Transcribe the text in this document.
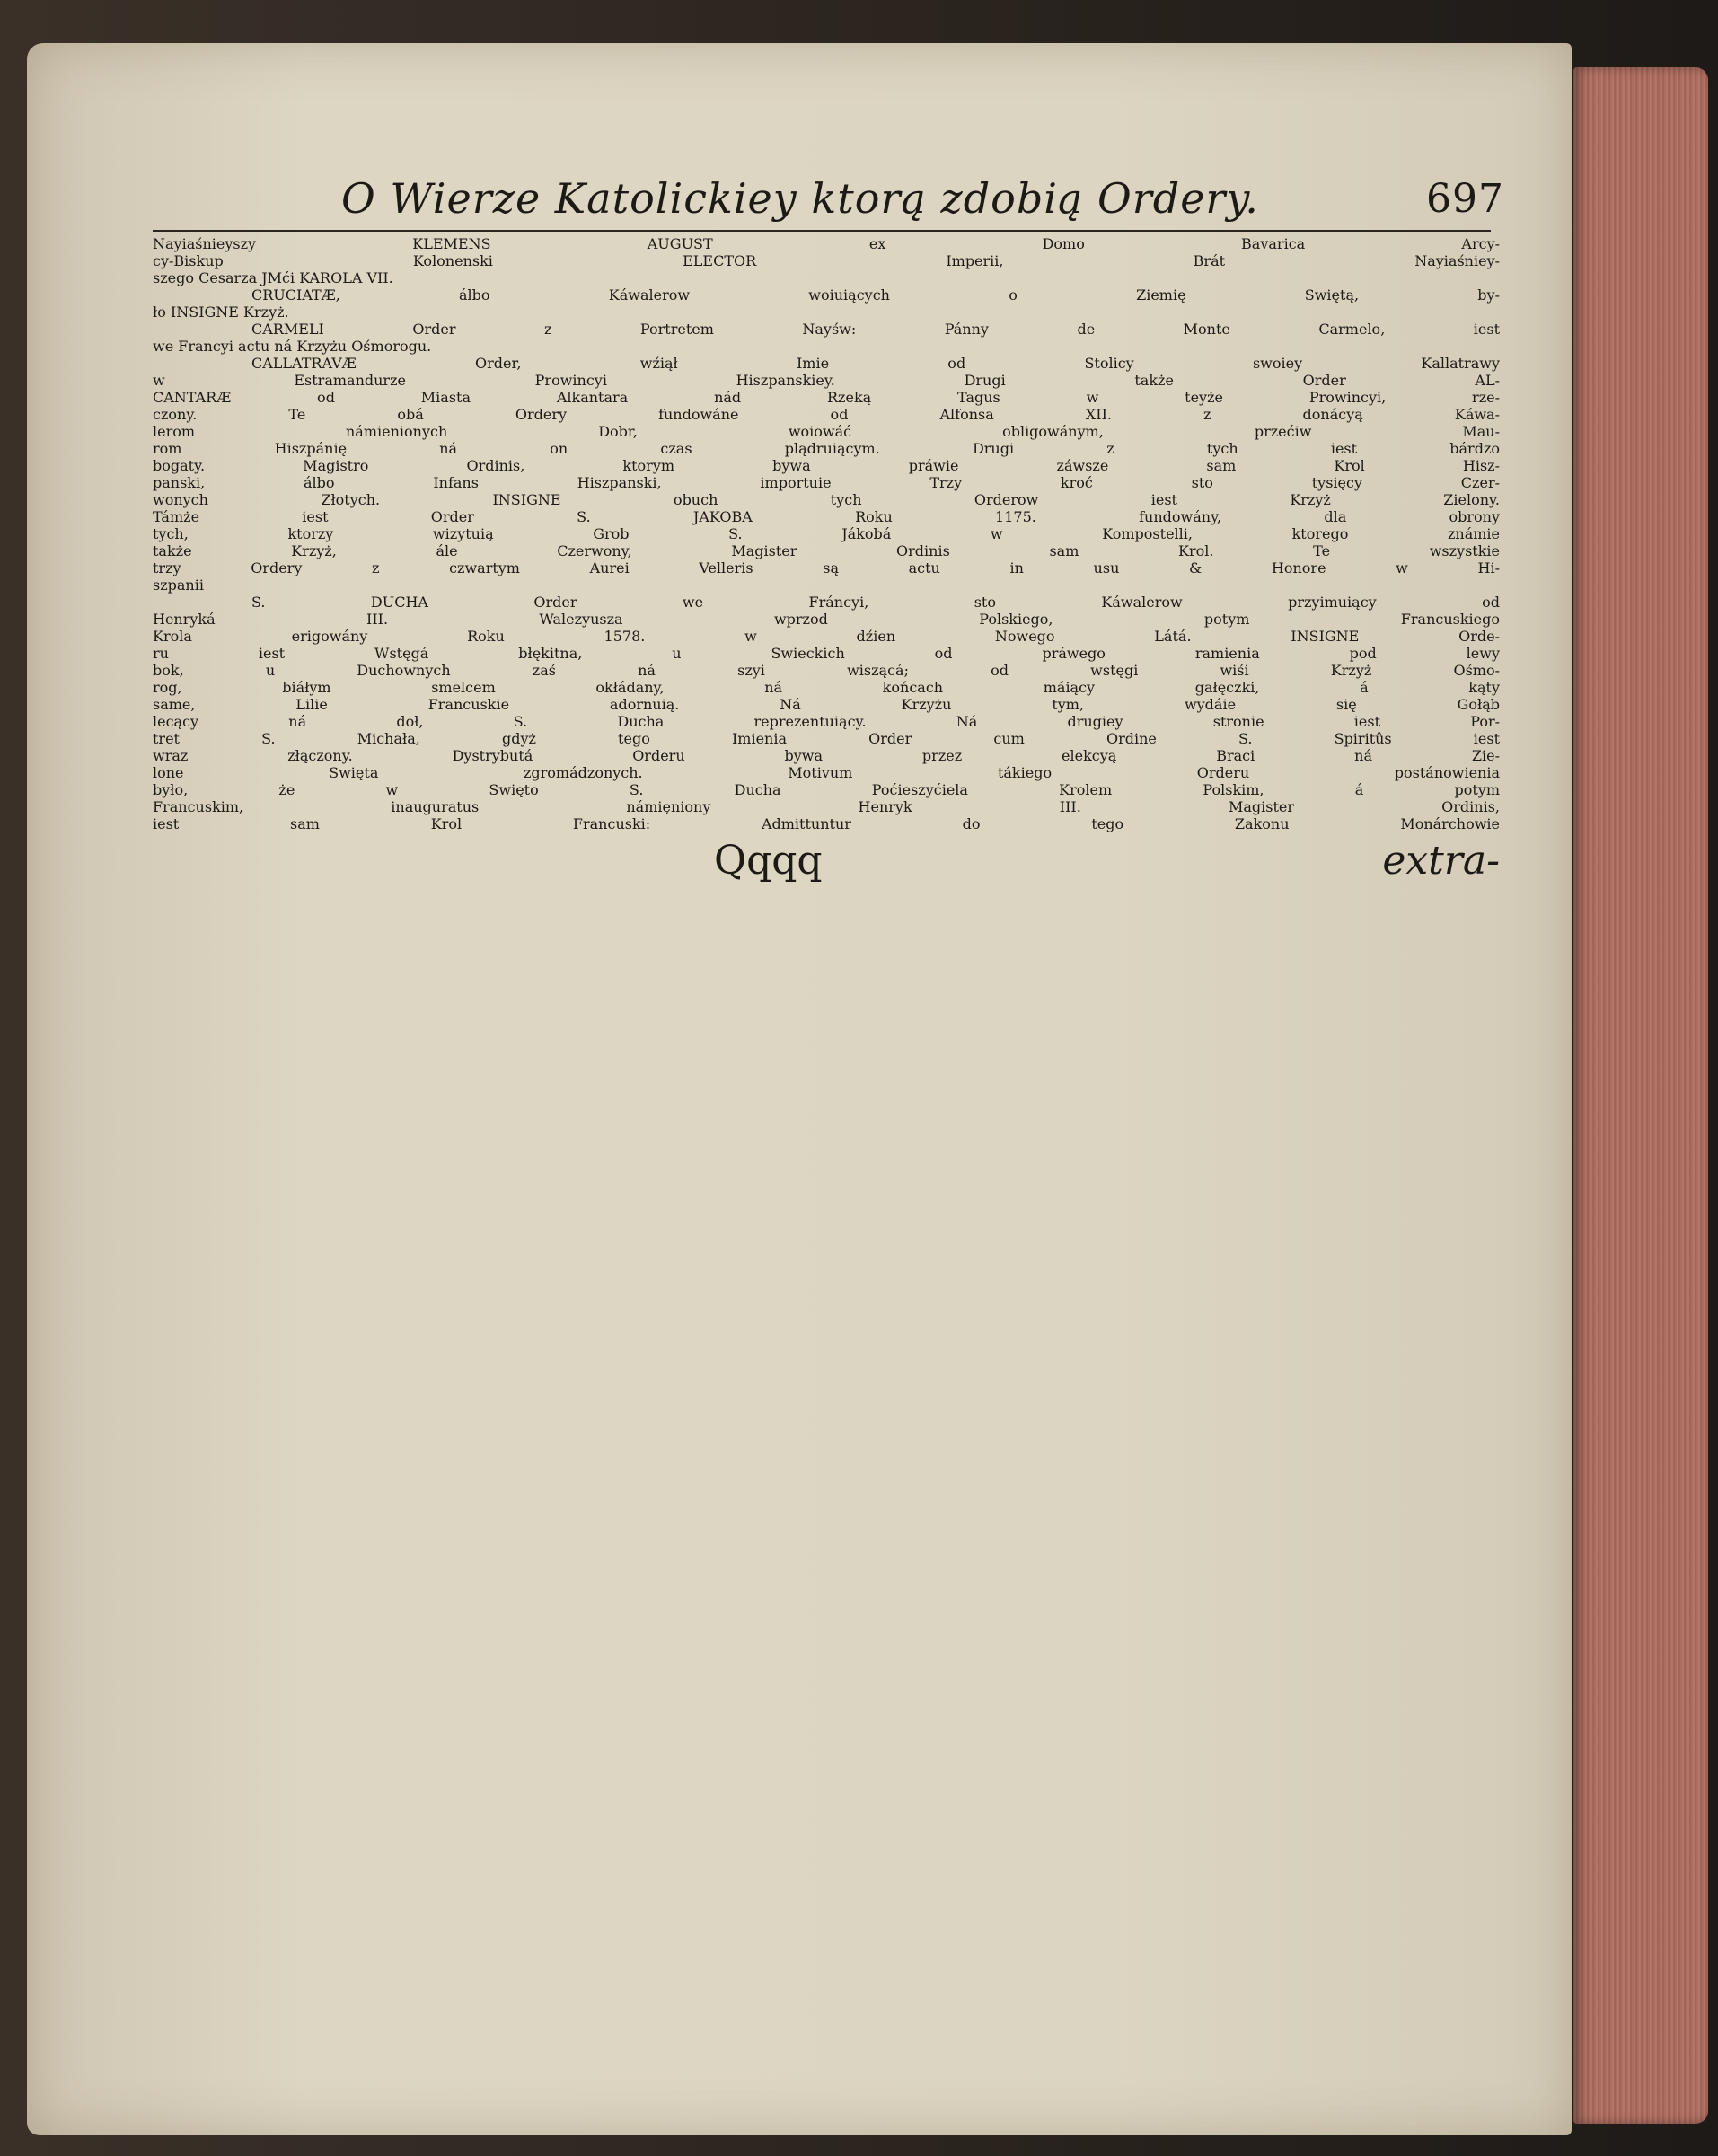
O Wierze Katolickiey ktorą zdobią Ordery.	697
Nayiaśnieyszy KLEMENS AUGUST ex Domo Bavarica Arcy-
cy-Biskup Kolonenski ELECTOR Imperii, Brát Nayiaśniey-
szego Cesarza JMći KAROLA VII.
CRUCIATÆ, álbo Káwalerow woiuiących o Ziemię Swiętą, by-
ło INSIGNE Krzyż.
CARMELI Order z Portretem Nayśw: Pánny de Monte Carmelo, iest
we Francyi actu ná Krzyżu Ośmorogu.
CALLATRAVÆ Order, wźiął Imie od Stolicy swoiey Kallatrawy
w Estramandurze Prowincyi Hiszpanskiey. Drugi także Order AL-
CANTARÆ od Miasta Alkantara nád Rzeką Tagus w teyże Prowincyi, rze-
czony. Te obá Ordery fundowáne od Alfonsa XII. z donácyą Káwa-
lerom námienionych Dobr, woiowáć obligowánym, przećiw Mau-
rom Hiszpánię ná on czas plądruiącym. Drugi z tych iest bárdzo
bogaty. Magistro Ordinis, ktorym bywa práwie záwsze sam Krol Hisz-
panski, álbo Infans Hiszpanski, importuie Trzy kroć sto tysięcy Czer-
wonych Złotych. INSIGNE obuch tych Orderow iest Krzyż Zielony.
Támże iest Order S. JAKOBA Roku 1175. fundowány, dla obrony
tych, ktorzy wizytuią Grob S. Jákobá w Kompostelli, ktorego známie
także Krzyż, ále Czerwony, Magister Ordinis sam Krol. Te wszystkie
trzy Ordery z czwartym Aurei Velleris są actu in usu & Honore w Hi-
szpanii
S. DUCHA Order we Fráncyi, sto Káwalerow przyimuiący od
Henryká III. Walezyusza wprzod Polskiego, potym Francuskiego
Krola erigowány Roku 1578. w dźien Nowego Látá. INSIGNE Orde-
ru iest Wstęgá błękitna, u Swieckich od práwego ramienia pod lewy
bok, u Duchownych zaś ná szyi wiszącá; od wstęgi wiśi Krzyż Ośmo-
rog, biáłym smelcem okłádany, ná końcach máiący gałęczki, á kąty
same, Lilie Francuskie adornuią. Ná Krzyżu tym, wydáie się Gołąb
lecący ná doł, S. Ducha reprezentuiący. Ná drugiey stronie iest Por-
tret S. Michała, gdyż tego Imienia Order cum Ordine S. Spiritûs iest
wraz złączony. Dystrybutá Orderu bywa przez elekcyą Braci ná Zie-
lone Swięta zgromádzonych. Motivum tákiego Orderu postánowienia
było, że w Swięto S. Ducha Poćieszyćiela Krolem Polskim, á potym
Francuskim, inauguratus námięniony Henryk III. Magister Ordinis,
iest sam Krol Francuski: Admittuntur do tego Zakonu Monárchowie
Qqqq	extra-
